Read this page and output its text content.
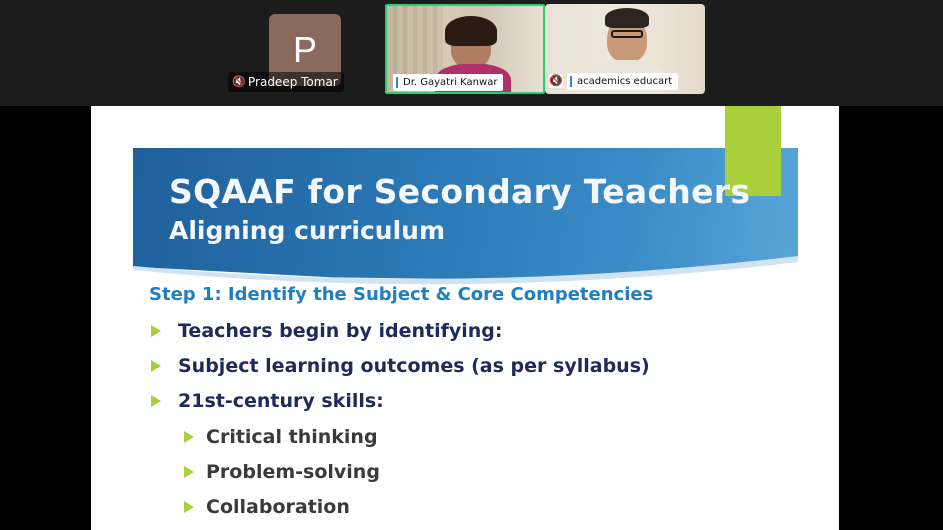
P
🔇 Pradeep Tomar	Dr. Gayatri Kanwar	🔇	academics educart
SQAAF for Secondary Teachers
Aligning curriculum
Step 1: Identify the Subject & Core Competencies
Teachers begin by identifying:
Subject learning outcomes (as per syllabus)
21st-century skills:
Critical thinking
Problem-solving
Collaboration
